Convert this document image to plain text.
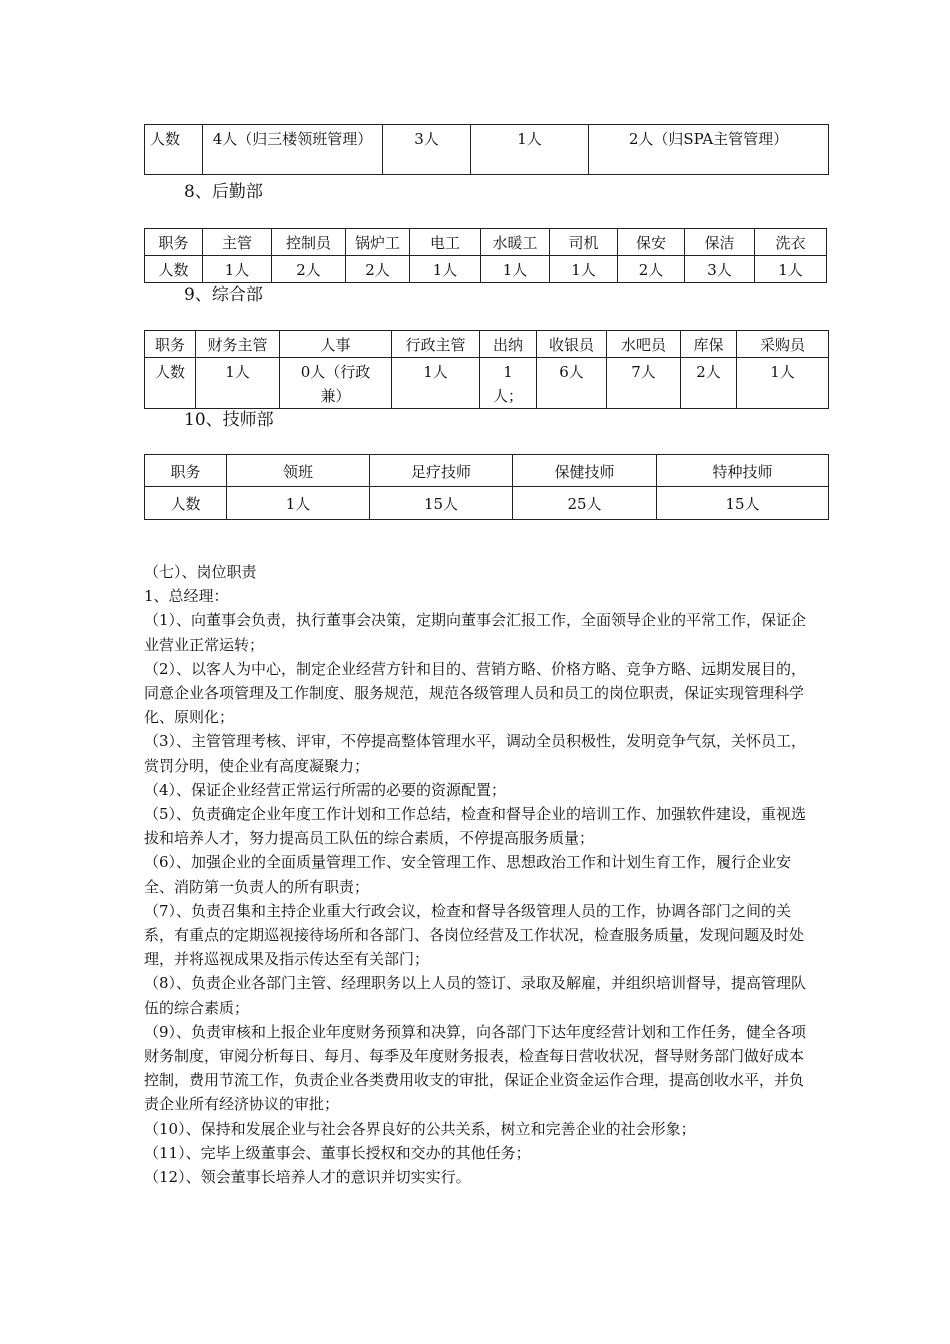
人数	4人（归三楼领班管理）	3人	1人	2人（归SPA主管管理）
8、后勤部
职务	主管	控制员	锅炉工	电工	水暖工	司机	保安	保洁	洗衣
人数	1人	2人	2人	1人	1人	1人	2人	3人	1人
9、综合部
职务	财务主管	人事	行政主管	出纳	收银员	水吧员	库保	采购员
人数	1人	0人（行政兼）	1人	1人；	6人	7人	2人	1人
10、技师部
职务	领班	足疗技师	保健技师	特种技师
人数	1人	15人	25人	15人

（七）、岗位职责

1、总经理：

（1）、向董事会负责，执行董事会决策，定期向董事会汇报工作，全面领导企业的平常工作，保证企业营业正常运转；

（2）、以客人为中心，制定企业经营方针和目的、营销方略、价格方略、竞争方略、远期发展目的，同意企业各项管理及工作制度、服务规范，规范各级管理人员和员工的岗位职责，保证实现管理科学化、原则化；

（3）、主管管理考核、评审，不停提高整体管理水平，调动全员积极性，发明竞争气氛，关怀员工，赏罚分明，使企业有高度凝聚力；

（4）、保证企业经营正常运行所需的必要的资源配置；

（5）、负责确定企业年度工作计划和工作总结，检查和督导企业的培训工作、加强软件建设，重视选拔和培养人才，努力提高员工队伍的综合素质，不停提高服务质量；

（6）、加强企业的全面质量管理工作、安全管理工作、思想政治工作和计划生育工作，履行企业安全、消防第一负责人的所有职责；

（7）、负责召集和主持企业重大行政会议，检查和督导各级管理人员的工作，协调各部门之间的关系，有重点的定期巡视接待场所和各部门、各岗位经营及工作状况，检查服务质量，发现问题及时处理，并将巡视成果及指示传达至有关部门；

（8）、负责企业各部门主管、经理职务以上人员的签订、录取及解雇，并组织培训督导，提高管理队伍的综合素质；

（9）、负责审核和上报企业年度财务预算和决算，向各部门下达年度经营计划和工作任务，健全各项财务制度，审阅分析每日、每月、每季及年度财务报表，检查每日营收状况，督导财务部门做好成本控制，费用节流工作，负责企业各类费用收支的审批，保证企业资金运作合理，提高创收水平，并负责企业所有经济协议的审批；

（10）、保持和发展企业与社会各界良好的公共关系，树立和完善企业的社会形象；

（11）、完毕上级董事会、董事长授权和交办的其他任务；

（12）、领会董事长培养人才的意识并切实实行。
